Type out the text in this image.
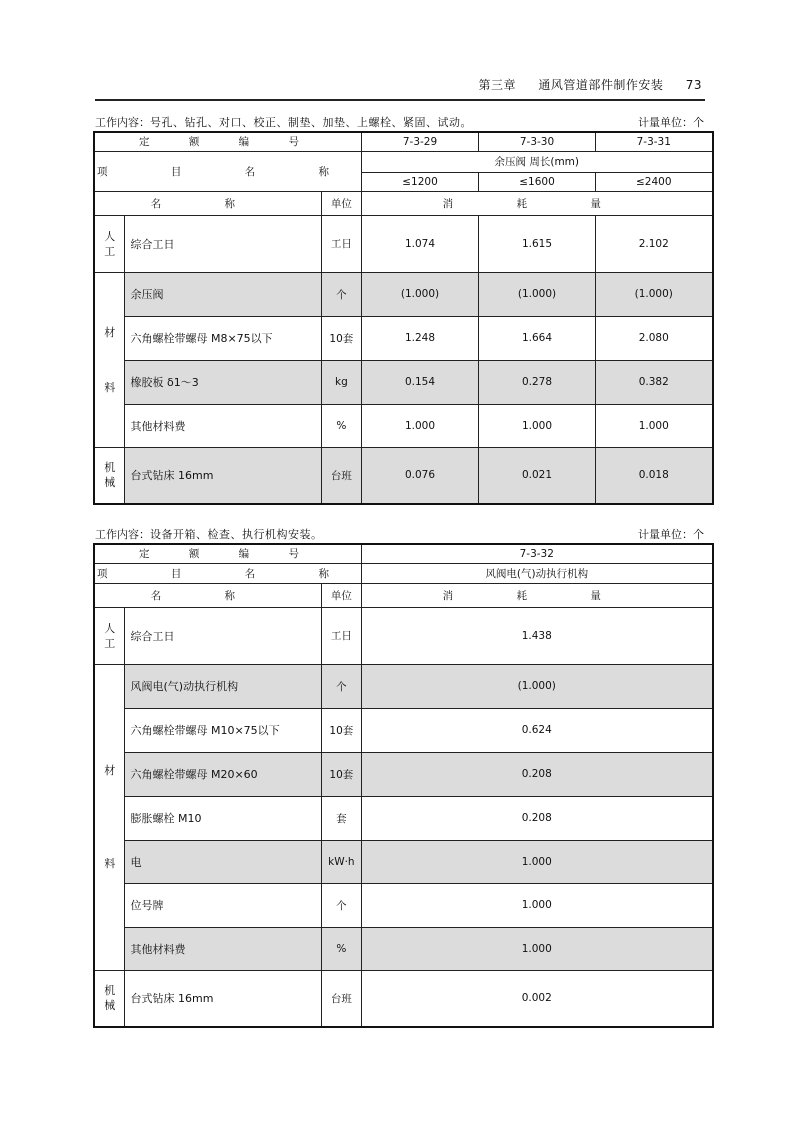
第三章 通风管道部件制作安装 73
工作内容：号孔、钻孔、对口、校正、制垫、加垫、上螺栓、紧固、试动。	计量单位：个
定 额 编 号			7-3-29	7-3-30	7-3-31
项 目 名 称			余压阀 周长(mm)		
			≤1200	≤1600	≤2400
名 称		单位	消 耗 量		

人
工	综合工日	工日	1.074	1.615	2.102

材
料	余压阀	个	(1.000)	(1.000)	(1.000)
	六角螺栓带螺母 M8×75以下	10套	1.248	1.664	2.080
	橡胶板 δ1～3	kg	0.154	0.278	0.382
	其他材料费	%	1.000	1.000	1.000

机
械	台式钻床 16mm	台班	0.076	0.021	0.018
工作内容：设备开箱、检查、执行机构安装。	计量单位：个
定 额 编 号			7-3-32
项 目 名 称			风阀电(气)动执行机构
名 称		单位	消 耗 量

人
工	综合工日	工日	1.438

材
料	风阀电(气)动执行机构	个	(1.000)
	六角螺栓带螺母 M10×75以下	10套	0.624
	六角螺栓带螺母 M20×60	10套	0.208
	膨胀螺栓 M10	套	0.208
	电	kW·h	1.000
	位号牌	个	1.000
	其他材料费	%	1.000

机
械	台式钻床 16mm	台班	0.002
